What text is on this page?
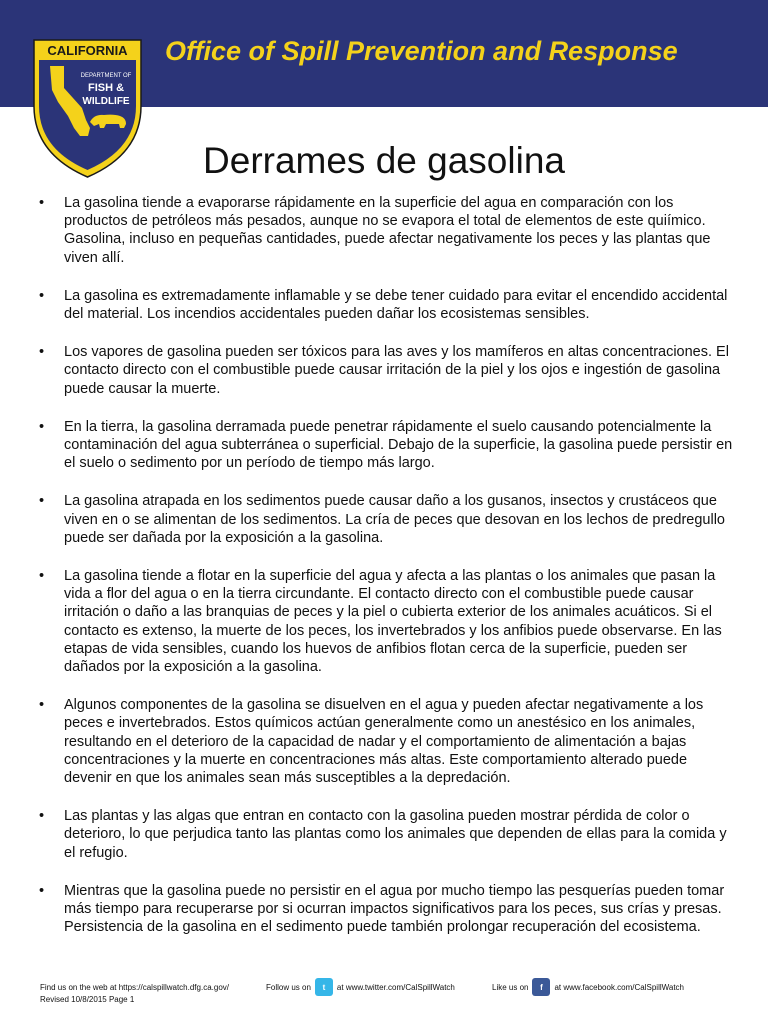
CALIFORNIA
DEPARTMENT OF
FISH &
WILDLIFE
Office of Spill Prevention and Response
Derrames de gasolina
•	La gasolina tiende a evaporarse rápidamente en la superficie del agua en comparación con los productos de petróleos más pesados, aunque no se evapora el total de elementos de este quiímico. Gasolina, incluso en pequeñas cantidades, puede afectar negativamente los peces y las plantas que viven allí.
•	La gasolina es extremadamente inflamable y se debe tener cuidado para evitar el encendido accidental del material. Los incendios accidentales pueden dañar los ecosistemas sensibles.
•	Los vapores de gasolina pueden ser tóxicos para las aves y los mamíferos en altas concentraciones. El contacto directo con el combustible puede causar irritación de la piel y los ojos e ingestión de gasolina puede causar la muerte.
•	En la tierra, la gasolina derramada puede penetrar rápidamente el suelo causando potencialmente la contaminación del agua subterránea o superficial. Debajo de la superficie, la gasolina puede persistir en el suelo o sedimento por un período de tiempo más largo.
•	La gasolina atrapada en los sedimentos puede causar daño a los gusanos, insectos y crustáceos que viven en o se alimentan de los sedimentos. La cría de peces que desovan en los lechos de predregullo puede ser dañada por la exposición a la gasolina.
•	La gasolina tiende a flotar en la superficie del agua y afecta a las plantas o los animales que pasan la vida a flor del agua o en la tierra circundante. El contacto directo con el combustible puede causar irritación o daño a las branquias de peces y la piel o cubierta exterior de los animales acuáticos. Si el contacto es extenso, la muerte de los peces, los invertebrados y los anfibios puede observarse. En las etapas de vida sensibles, cuando los huevos de anfibios flotan cerca de la superficie, pueden ser dañados por la exposición a la gasolina.
•	Algunos componentes de la gasolina se disuelven en el agua y pueden afectar negativamente a los peces e invertebrados. Estos químicos actúan generalmente como un anestésico en los animales, resultando en el deterioro de la capacidad de nadar y el comportamiento de alimentación a bajas concentraciones y la muerte en concentraciones más altas. Este comportamiento alterado puede devenir en que los animales sean más susceptibles a la depredación.
•	Las plantas y las algas que entran en contacto con la gasolina pueden mostrar pérdida de color o deterioro, lo que perjudica tanto las plantas como los animales que dependen de ellas para la comida y el refugio.
•	Mientras que la gasolina puede no persistir en el agua por mucho tiempo las pesquerías pueden tomar más tiempo para recuperarse por si ocurran impactos significativos para los peces, sus crías y presas. Persistencia de la gasolina en el sedimento puede también prolongar recuperación del ecosistema.
Find us on the web at https://calspillwatch.dfg.ca.gov/	Follow us on	t	at www.twitter.com/CalSpillWatch	Like us on	f	at www.facebook.com/CalSpillWatch
Revised 10/8/2015 Page 1
